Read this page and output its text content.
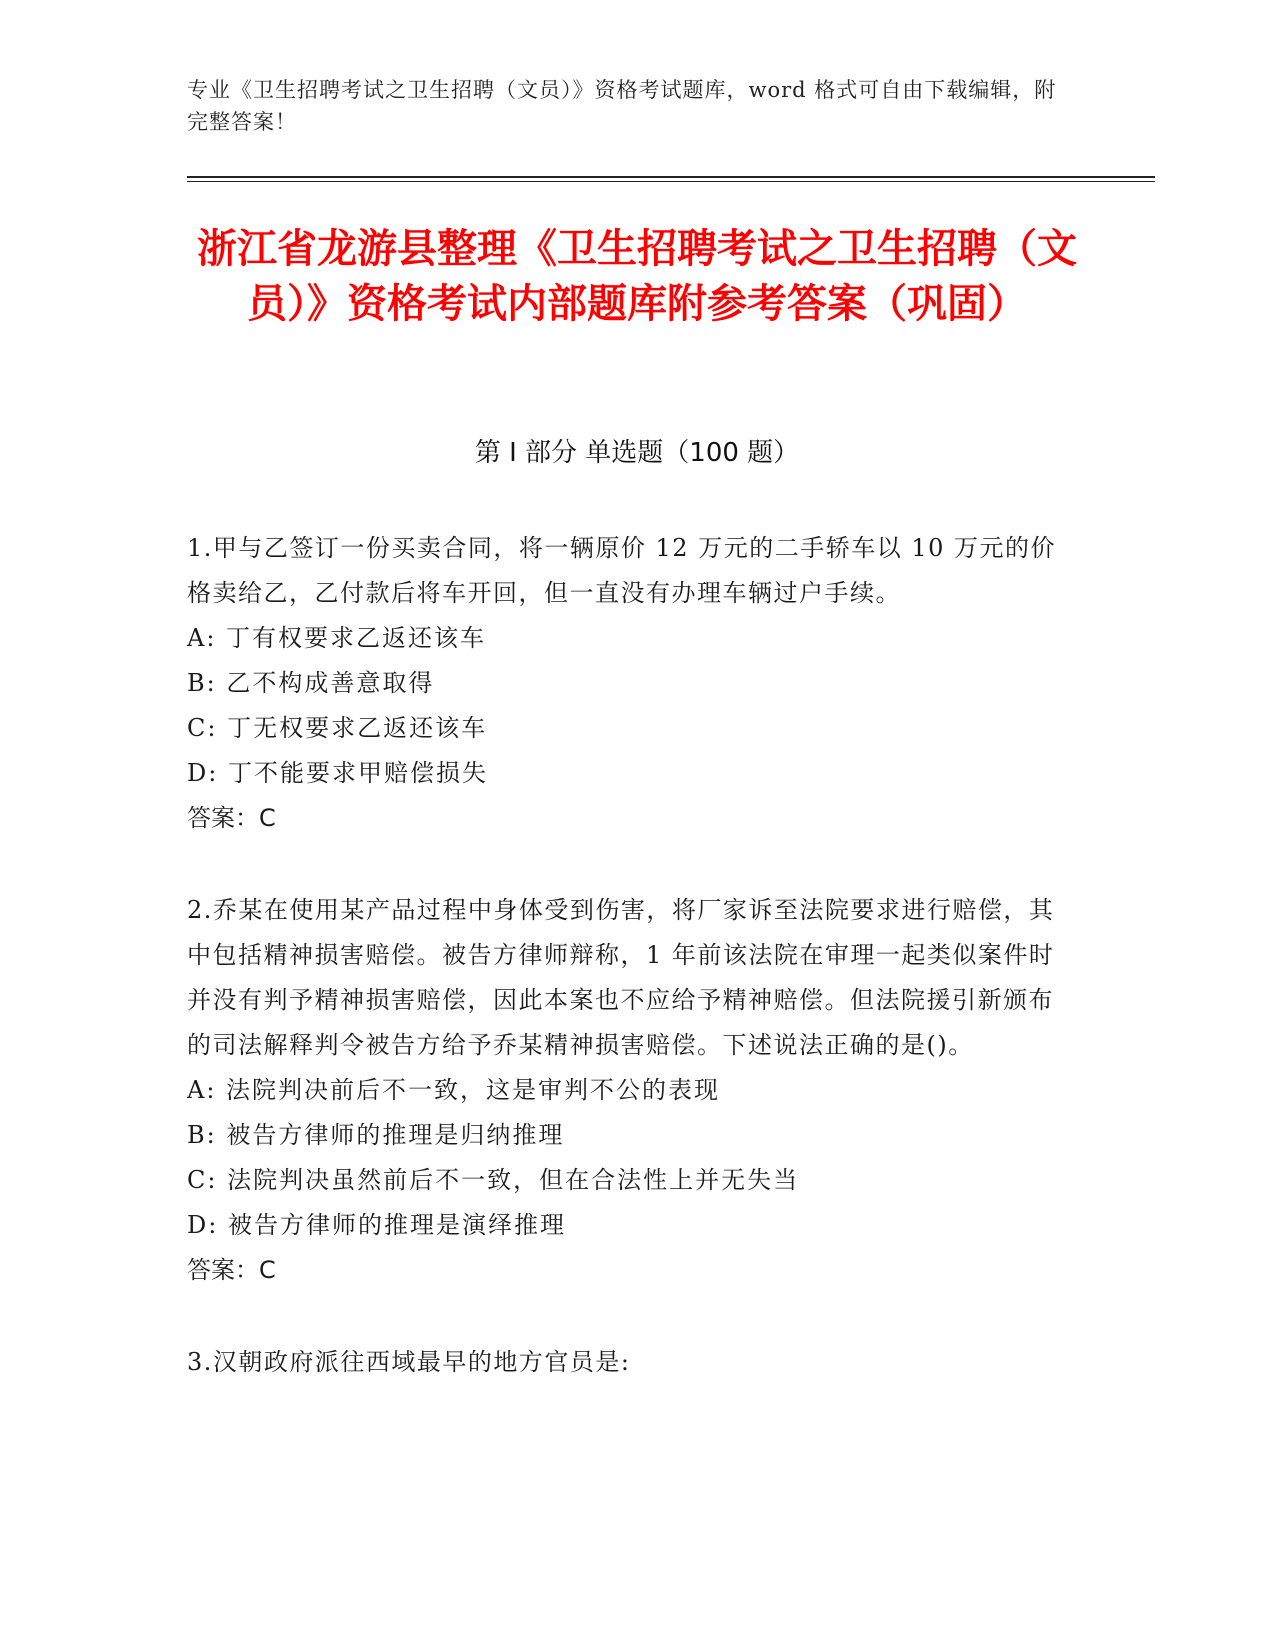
专业《卫生招聘考试之卫生招聘（文员）》资格考试题库，word 格式可自由下载编辑，附完整答案！
浙江省龙游县整理《卫生招聘考试之卫生招聘（文员）》资格考试内部题库附参考答案（巩固）
第 I 部分 单选题（100 题）

1.甲与乙签订一份买卖合同，将一辆原价 12 万元的二手轿车以 10 万元的价格卖给乙，乙付款后将车开回，但一直没有办理车辆过户手续。

A: 丁有权要求乙返还该车

B: 乙不构成善意取得

C: 丁无权要求乙返还该车

D: 丁不能要求甲赔偿损失

答案：C

2.乔某在使用某产品过程中身体受到伤害，将厂家诉至法院要求进行赔偿，其中包括精神损害赔偿。被告方律师辩称，1 年前该法院在审理一起类似案件时并没有判予精神损害赔偿，因此本案也不应给予精神赔偿。但法院援引新颁布的司法解释判令被告方给予乔某精神损害赔偿。下述说法正确的是()。

A: 法院判决前后不一致，这是审判不公的表现

B: 被告方律师的推理是归纳推理

C: 法院判决虽然前后不一致，但在合法性上并无失当

D: 被告方律师的推理是演绎推理

答案：C

3.汉朝政府派往西域最早的地方官员是:
